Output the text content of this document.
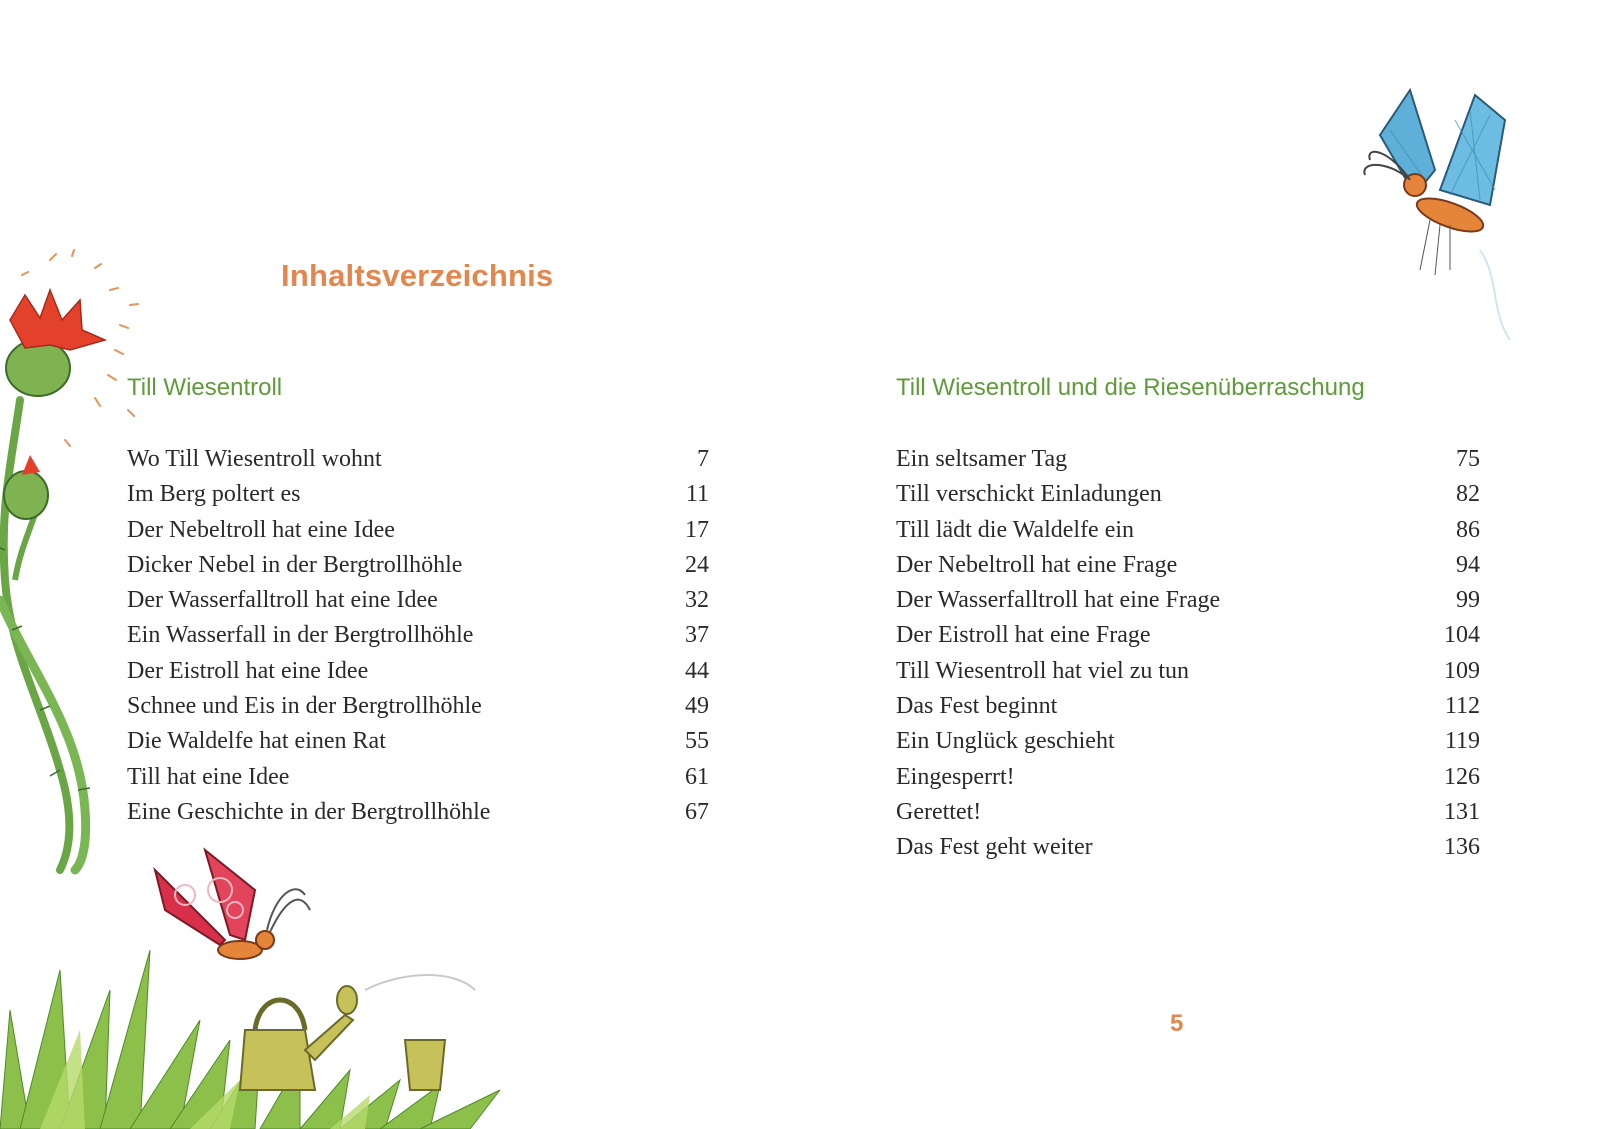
Inhaltsverzeichnis
Till Wiesentroll
Wo Till Wiesentroll wohnt	7
Im Berg poltert es	11
Der Nebeltroll hat eine Idee	17
Dicker Nebel in der Bergtrollhöhle	24
Der Wasserfalltroll hat eine Idee	32
Ein Wasserfall in der Bergtrollhöhle	37
Der Eistroll hat eine Idee	44
Schnee und Eis in der Bergtrollhöhle	49
Die Waldelfe hat einen Rat	55
Till hat eine Idee	61
Eine Geschichte in der Bergtrollhöhle	67
Till Wiesentroll und die Riesenüberraschung
Ein seltsamer Tag	75
Till verschickt Einladungen	82
Till lädt die Waldelfe ein	86
Der Nebeltroll hat eine Frage	94
Der Wasserfalltroll hat eine Frage	99
Der Eistroll hat eine Frage	104
Till Wiesentroll hat viel zu tun	109
Das Fest beginnt	112
Ein Unglück geschieht	119
Eingesperrt!	126
Gerettet!	131
Das Fest geht weiter	136
5
